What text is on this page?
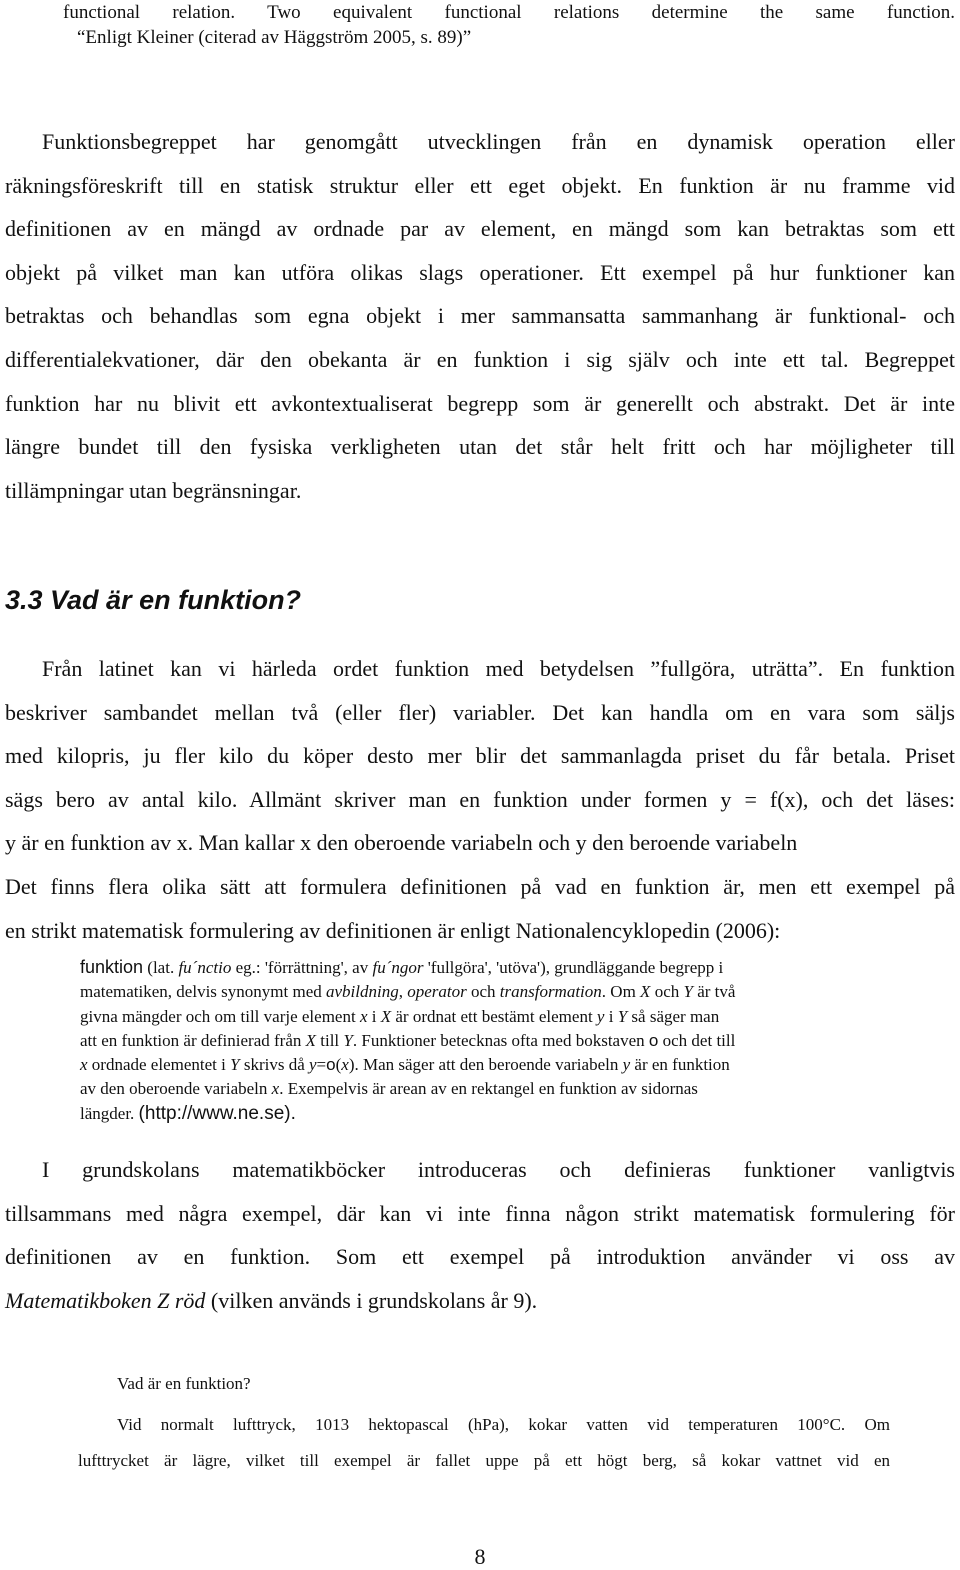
functional relation. Two equivalent functional relations determine the same function.
“Enligt Kleiner (citerad av Häggström 2005, s. 89)”
Funktionsbegreppet har genomgått utvecklingen från en dynamisk operation eller
räkningsföreskrift till en statisk struktur eller ett eget objekt. En funktion är nu framme vid
definitionen av en mängd av ordnade par av element, en mängd som kan betraktas som ett
objekt på vilket man kan utföra olikas slags operationer. Ett exempel på hur funktioner kan
betraktas och behandlas som egna objekt i mer sammansatta sammanhang är funktional- och
differentialekvationer, där den obekanta är en funktion i sig själv och inte ett tal. Begreppet
funktion har nu blivit ett avkontextualiserat begrepp som är generellt och abstrakt. Det är inte
längre bundet till den fysiska verkligheten utan det står helt fritt och har möjligheter till
tillämpningar utan begränsningar.
3.3 Vad är en funktion?
Från latinet kan vi härleda ordet funktion med betydelsen ”fullgöra, uträtta”. En funktion
beskriver sambandet mellan två (eller fler) variabler. Det kan handla om en vara som säljs
med kilopris, ju fler kilo du köper desto mer blir det sammanlagda priset du får betala. Priset
sägs bero av antal kilo. Allmänt skriver man en funktion under formen y = f(x), och det läses:
y är en funktion av x. Man kallar x den oberoende variabeln och y den beroende variabeln
Det finns flera olika sätt att formulera definitionen på vad en funktion är, men ett exempel på
en strikt matematisk formulering av definitionen är enligt Nationalencyklopedin (2006):
funktion (lat. fu´nctio eg.: 'förrättning', av fu´ngor 'fullgöra', 'utöva'), grundläggande begrepp i
matematiken, delvis synonymt med avbildning, operator och transformation. Om X och Y är två
givna mängder och om till varje element x i X är ordnat ett bestämt element y i Y så säger man
att en funktion är definierad från X till Y. Funktioner betecknas ofta med bokstaven o och det till
x ordnade elementet i Y skrivs då y=o(x). Man säger att den beroende variabeln y är en funktion
av den oberoende variabeln x. Exempelvis är arean av en rektangel en funktion av sidornas
längder. (http://www.ne.se).
I grundskolans matematikböcker introduceras och definieras funktioner vanligtvis
tillsammans med några exempel, där kan vi inte finna någon strikt matematisk formulering för
definitionen av en funktion. Som ett exempel på introduktion använder vi oss av
Matematikboken Z röd (vilken används i grundskolans år 9).
Vad är en funktion?
Vid normalt lufttryck, 1013 hektopascal (hPa), kokar vatten vid temperaturen 100°C. Om
lufttrycket är lägre, vilket till exempel är fallet uppe på ett högt berg, så kokar vattnet vid en
8
